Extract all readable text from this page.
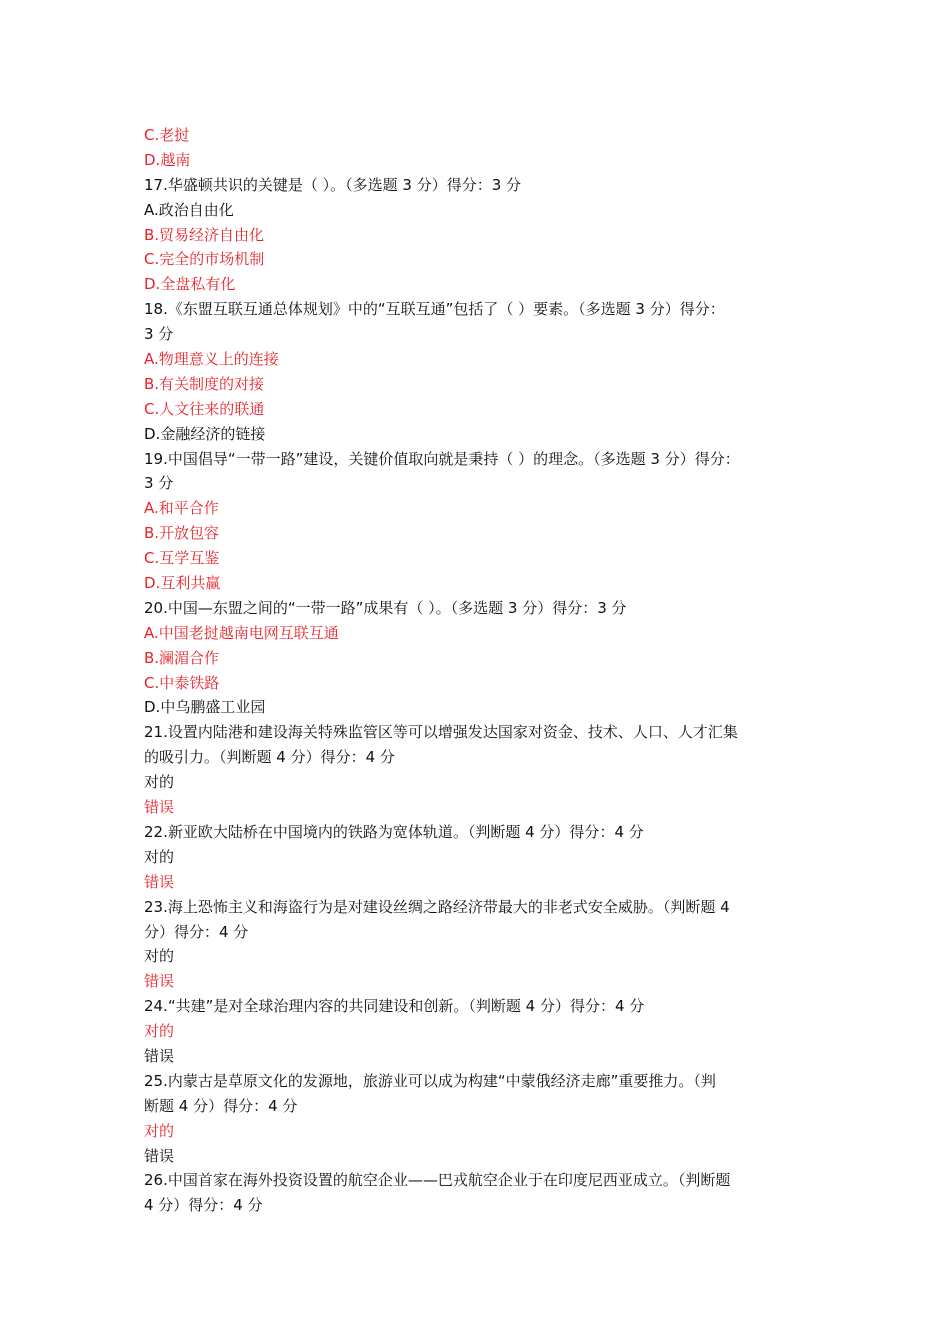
C.老挝

D.越南

17.华盛顿共识的关键是（ ）。（多选题 3 分）得分：3 分

A.政治自由化

B.贸易经济自由化

C.完全的市场机制

D.全盘私有化

18.《东盟互联互通总体规划》中的“互联互通”包括了（ ）要素。（多选题 3 分）得分：

3 分

A.物理意义上的连接

B.有关制度的对接

C.人文往来的联通

D.金融经济的链接

19.中国倡导“一带一路”建设，关键价值取向就是秉持（ ）的理念。（多选题 3 分）得分：

3 分

A.和平合作

B.开放包容

C.互学互鉴

D.互利共赢

20.中国—东盟之间的“一带一路”成果有（ ）。（多选题 3 分）得分：3 分

A.中国老挝越南电网互联互通

B.澜湄合作

C.中泰铁路

D.中乌鹏盛工业园

21.设置内陆港和建设海关特殊监管区等可以增强发达国家对资金、技术、人口、人才汇集

的吸引力。（判断题 4 分）得分：4 分

对的

错误

22.新亚欧大陆桥在中国境内的铁路为宽体轨道。（判断题 4 分）得分：4 分

对的

错误

23.海上恐怖主义和海盗行为是对建设丝绸之路经济带最大的非老式安全威胁。（判断题 4

分）得分：4 分

对的

错误

24.“共建”是对全球治理内容的共同建设和创新。（判断题 4 分）得分：4 分

对的

错误

25.内蒙古是草原文化的发源地，旅游业可以成为构建“中蒙俄经济走廊”重要推力。（判

断题 4 分）得分：4 分

对的

错误

26.中国首家在海外投资设置的航空企业——巴戎航空企业于在印度尼西亚成立。（判断题

4 分）得分：4 分
